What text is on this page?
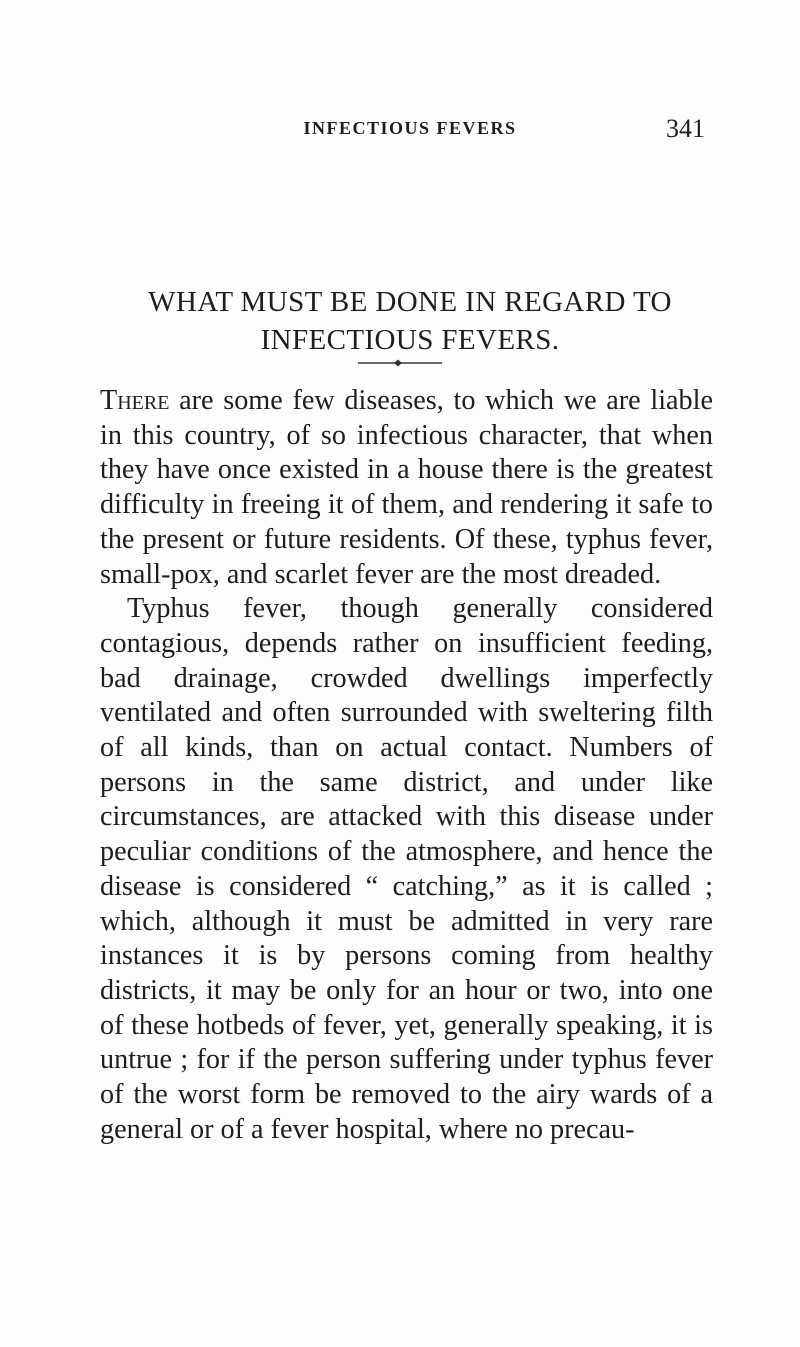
INFECTIOUS FEVERS	341
WHAT MUST BE DONE IN REGARD TO INFECTIOUS FEVERS.

There are some few diseases, to which we are liable in this country, of so infectious character, that when they have once existed in a house there is the greatest difficulty in freeing it of them, and rendering it safe to the present or future residents. Of these, typhus fever, small-pox, and scarlet fever are the most dreaded.

Typhus fever, though generally considered contagious, depends rather on insufficient feeding, bad drainage, crowded dwellings imperfectly ventilated and often surrounded with sweltering filth of all kinds, than on actual contact. Numbers of persons in the same district, and under like circumstances, are attacked with this disease under peculiar conditions of the atmosphere, and hence the disease is considered “ catching,” as it is called ; which, although it must be admitted in very rare instances it is by persons coming from healthy districts, it may be only for an hour or two, into one of these hotbeds of fever, yet, generally speaking, it is untrue ; for if the person suffering under typhus fever of the worst form be removed to the airy wards of a general or of a fever hospital, where no precau-
